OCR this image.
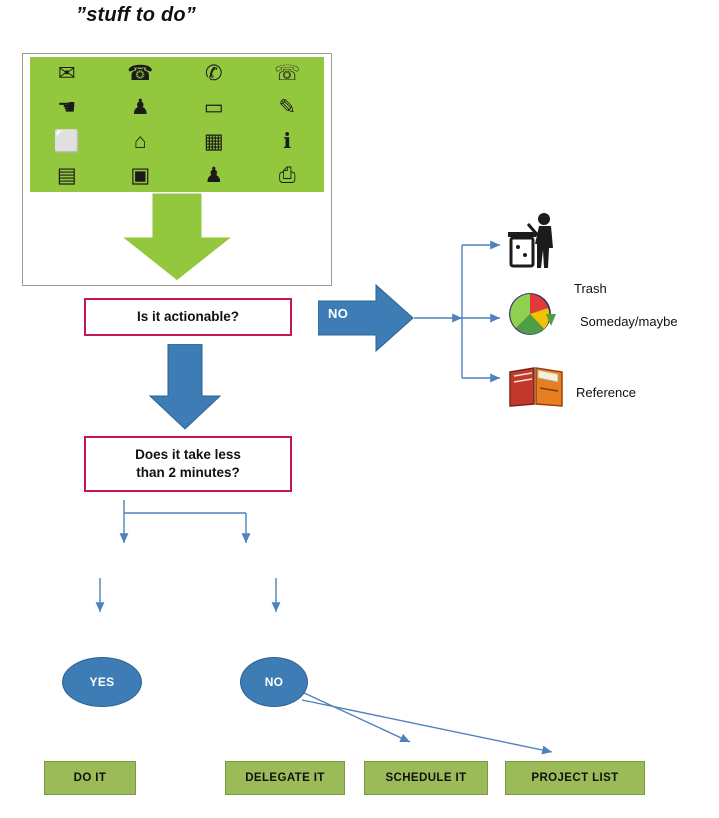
”stuff to do”
✉ ☎ ✆ ☏
☚	♟	▭	✎
⬜	⌂	▦	ℹ
▤	▣	♟	⎙
Is it actionable?	NO
YES
Trash
Someday/maybe
Reference
Does it take less
than 2 minutes?
YES	NO
DO IT	DELEGATE IT	SCHEDULE IT	PROJECT LIST
